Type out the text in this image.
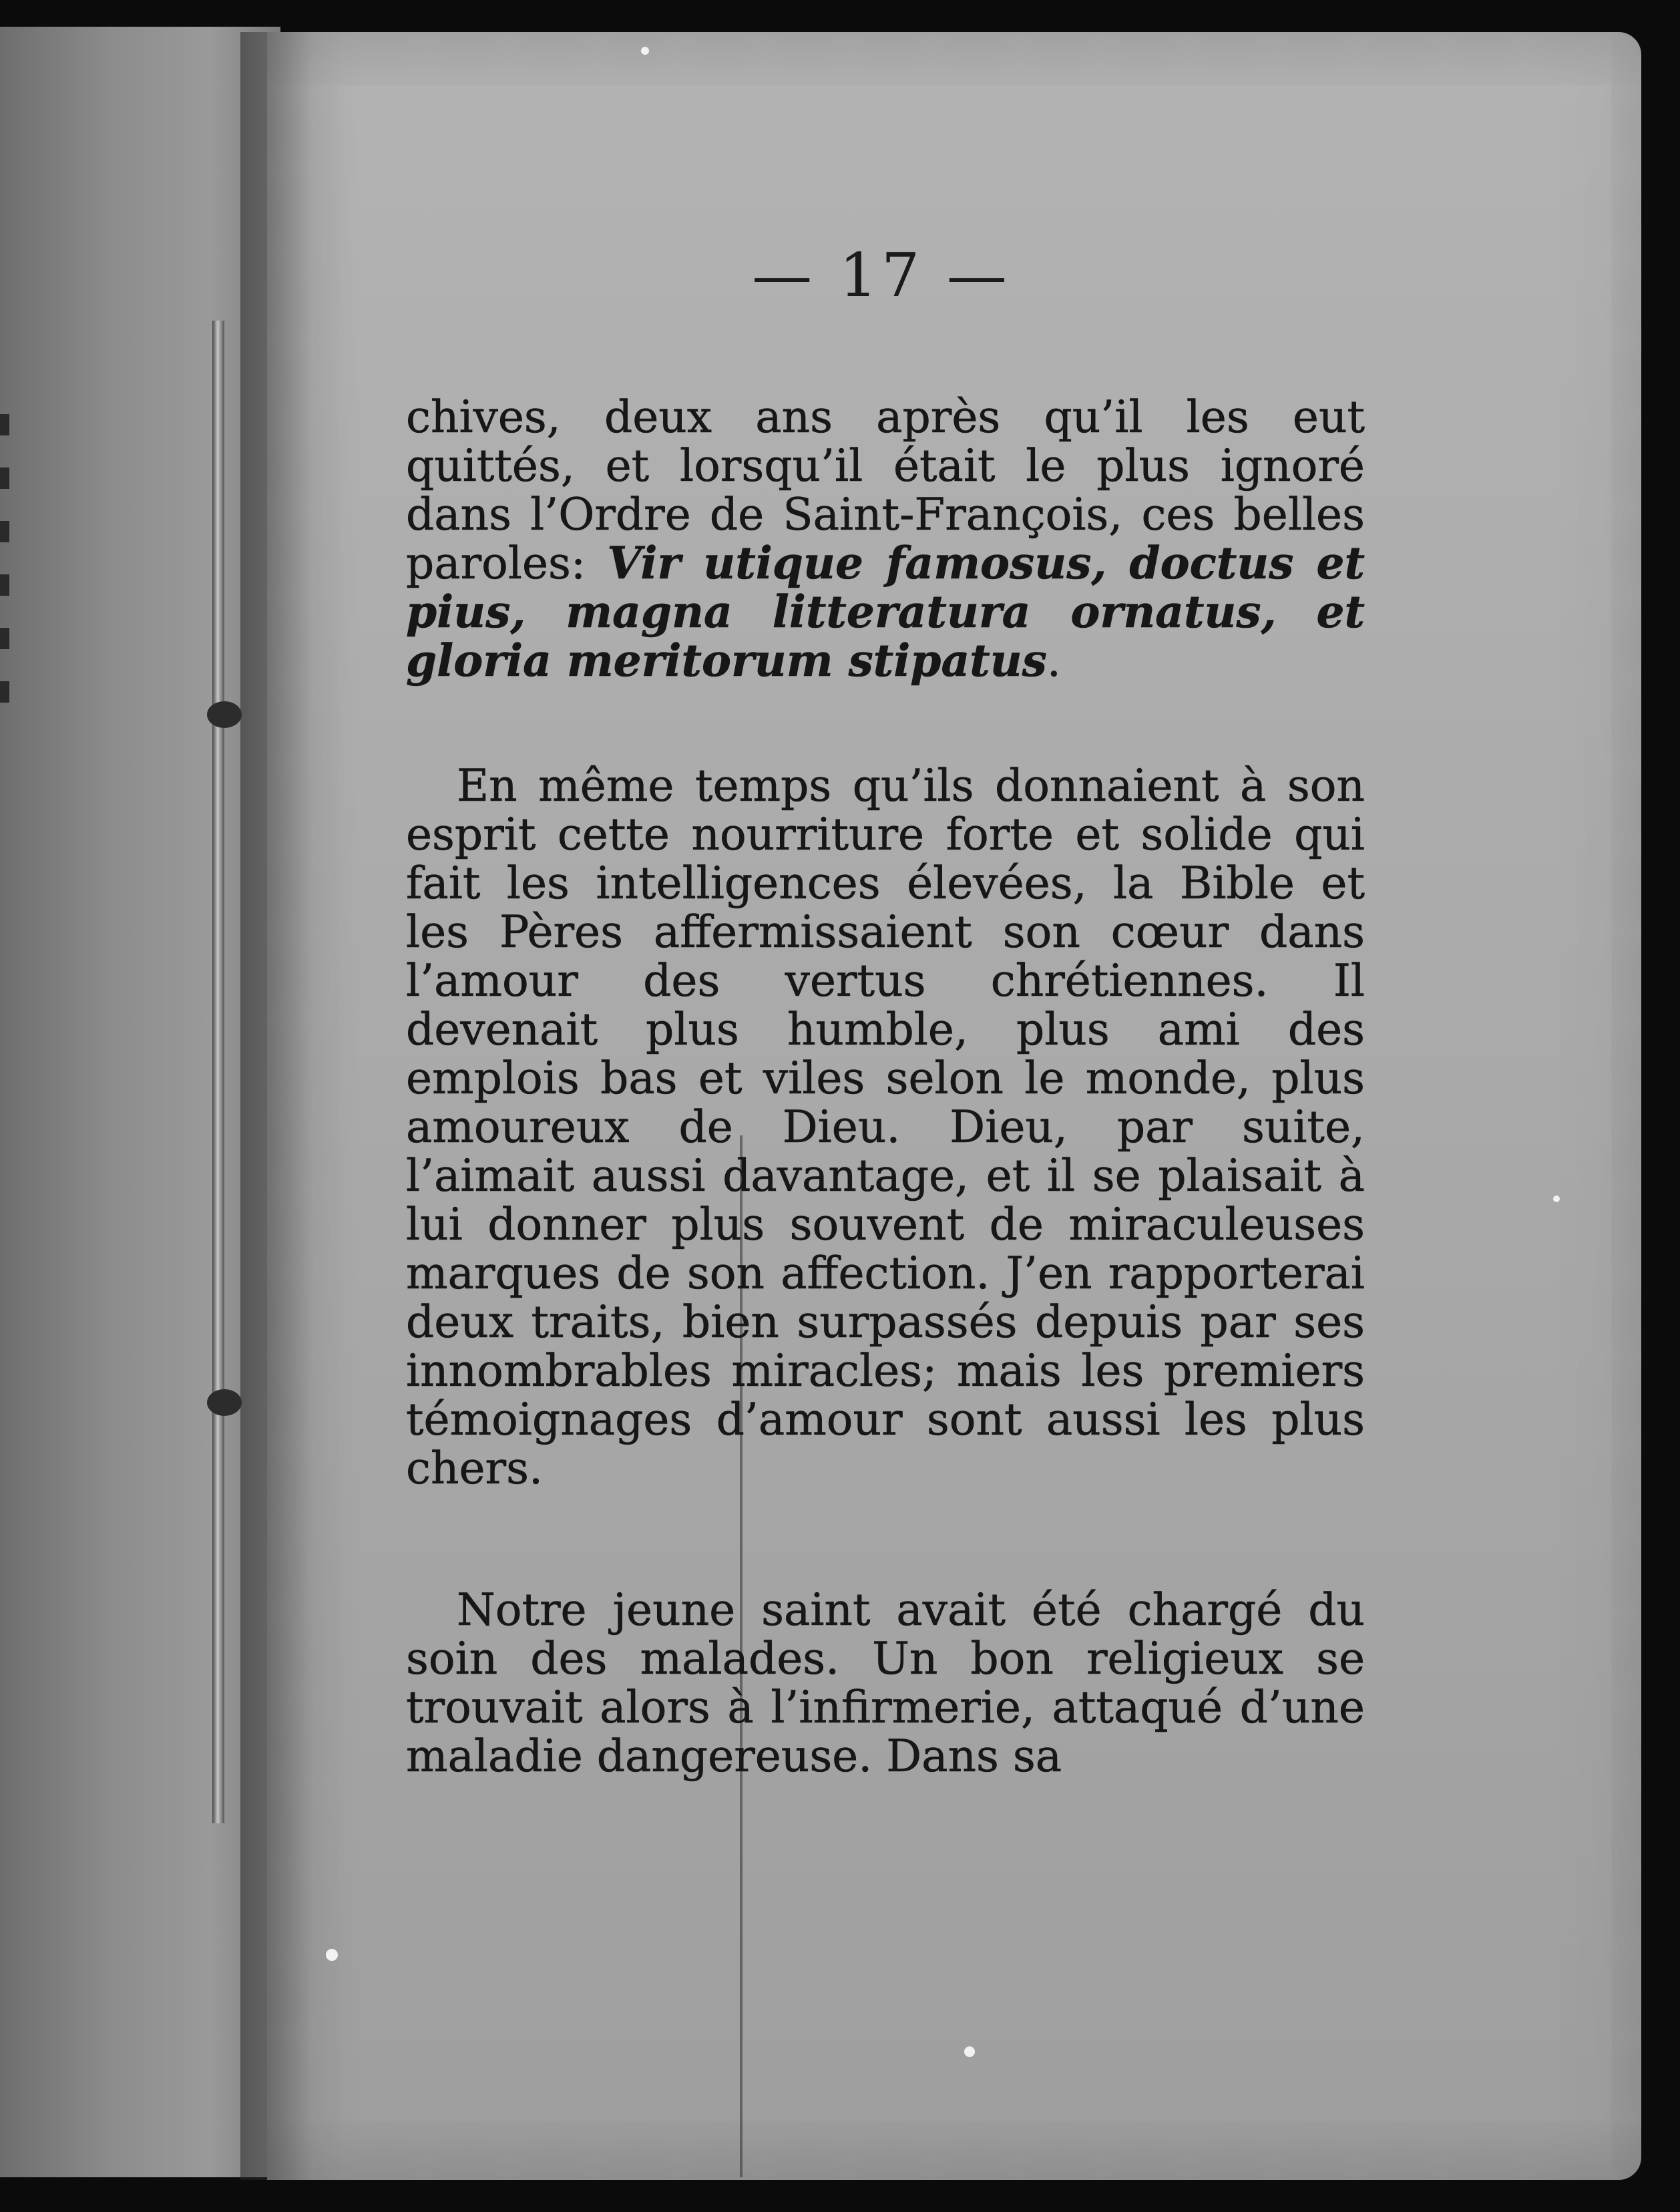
— 17 —

chives, deux ans après qu’il les eut quittés, et lorsqu’il était le plus ignoré dans l’Ordre de Saint-François, ces belles paroles: Vir utique famosus, doctus et pius, magna litteratura ornatus, et gloria meritorum stipatus.

En même temps qu’ils donnaient à son esprit cette nourriture forte et solide qui fait les intelligences élevées, la Bible et les Pères affermissaient son cœur dans l’amour des vertus chrétiennes. Il devenait plus humble, plus ami des emplois bas et viles selon le monde, plus amoureux de Dieu. Dieu, par suite, l’aimait aussi davantage, et il se plaisait à lui donner plus souvent de miraculeuses marques de son affection. J’en rapporterai deux traits, bien surpassés depuis par ses innombrables miracles; mais les premiers témoignages d’amour sont aussi les plus chers.

Notre jeune saint avait été chargé du soin des malades. Un bon religieux se trouvait alors à l’infirmerie, attaqué d’une maladie dangereuse. Dans sa
